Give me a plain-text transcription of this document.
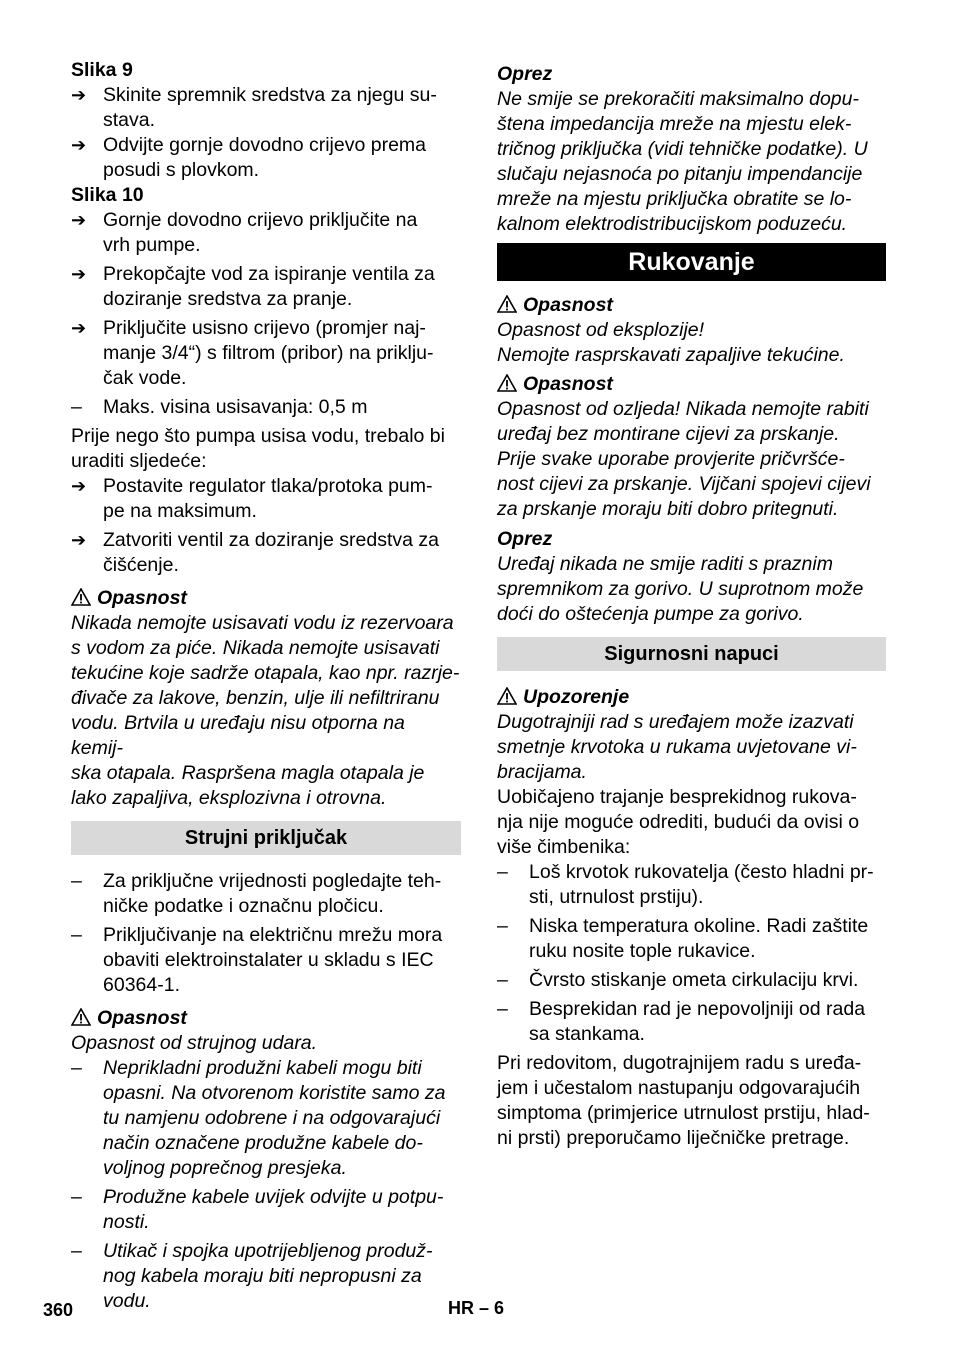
Slika 9

➔ Skinite spremnik sredstva za njegu su-

stava.

➔ Odvijte gornje dovodno crijevo prema

posudi s plovkom.

Slika 10

➔ Gornje dovodno crijevo priključite na

vrh pumpe.

➔ Prekopčajte vod za ispiranje ventila za

doziranje sredstva za pranje.

➔ Priključite usisno crijevo (promjer naj-

manje 3/4“) s filtrom (pribor) na priklju-

čak vode.

–	Maks. visina usisavanja: 0,5 m

Prije nego što pumpa usisa vodu, trebalo bi

uraditi sljedeće:

➔ Postavite regulator tlaka/protoka pum-

pe na maksimum.

➔ Zatvoriti ventil za doziranje sredstva za

čišćenje.

Opasnost

Nikada nemojte usisavati vodu iz rezervoara

s vodom za piće. Nikada nemojte usisavati

tekućine koje sadrže otapala, kao npr. razrje-

đivače za lakove, benzin, ulje ili nefiltriranu

vodu. Brtvila u uređaju nisu otporna na kemij-

ska otapala. Raspršena magla otapala je

lako zapaljiva, eksplozivna i otrovna.

Strujni priključak
–	Za priključne vrijednosti pogledajte teh-

ničke podatke i označnu pločicu.

–	Priključivanje na električnu mrežu mora

obaviti elektroinstalater u skladu s IEC

60364-1.

Opasnost

Opasnost od strujnog udara.

–	Neprikladni produžni kabeli mogu biti

opasni. Na otvorenom koristite samo za

tu namjenu odobrene i na odgovarajući

način označene produžne kabele do-

voljnog poprečnog presjeka.

–	Produžne kabele uvijek odvijte u potpu-

nosti.

–	Utikač i spojka upotrijebljenog produž-

nog kabela moraju biti nepropusni za

vodu.

Oprez

Ne smije se prekoračiti maksimalno dopu-

štena impedancija mreže na mjestu elek-

tričnog priključka (vidi tehničke podatke). U

slučaju nejasnoća po pitanju impendancije

mreže na mjestu priključka obratite se lo-

kalnom elektrodistribucijskom poduzeću.

Rukovanje

Opasnost

Opasnost od eksplozije!

Nemojte rasprskavati zapaljive tekućine.

Opasnost

Opasnost od ozljeda! Nikada nemojte rabiti

uređaj bez montirane cijevi za prskanje.

Prije svake uporabe provjerite pričvršće-

nost cijevi za prskanje. Vijčani spojevi cijevi

za prskanje moraju biti dobro pritegnuti.

Oprez

Uređaj nikada ne smije raditi s praznim

spremnikom za gorivo. U suprotnom može

doći do oštećenja pumpe za gorivo.

Sigurnosni napuci

Upozorenje

Dugotrajniji rad s uređajem može izazvati

smetnje krvotoka u rukama uvjetovane vi-

bracijama.

Uobičajeno trajanje besprekidnog rukova-

nja nije moguće odrediti, budući da ovisi o

više čimbenika:

–	Loš krvotok rukovatelja (često hladni pr-

sti, utrnulost prstiju).

–	Niska temperatura okoline. Radi zaštite

ruku nosite tople rukavice.

–	Čvrsto stiskanje ometa cirkulaciju krvi.

–	Besprekidan rad je nepovoljniji od rada

sa stankama.

Pri redovitom, dugotrajnijem radu s uređa-

jem i učestalom nastupanju odgovarajućih

simptoma (primjerice utrnulost prstiju, hlad-

ni prsti) preporučamo liječničke pretrage.

360	HR – 6
